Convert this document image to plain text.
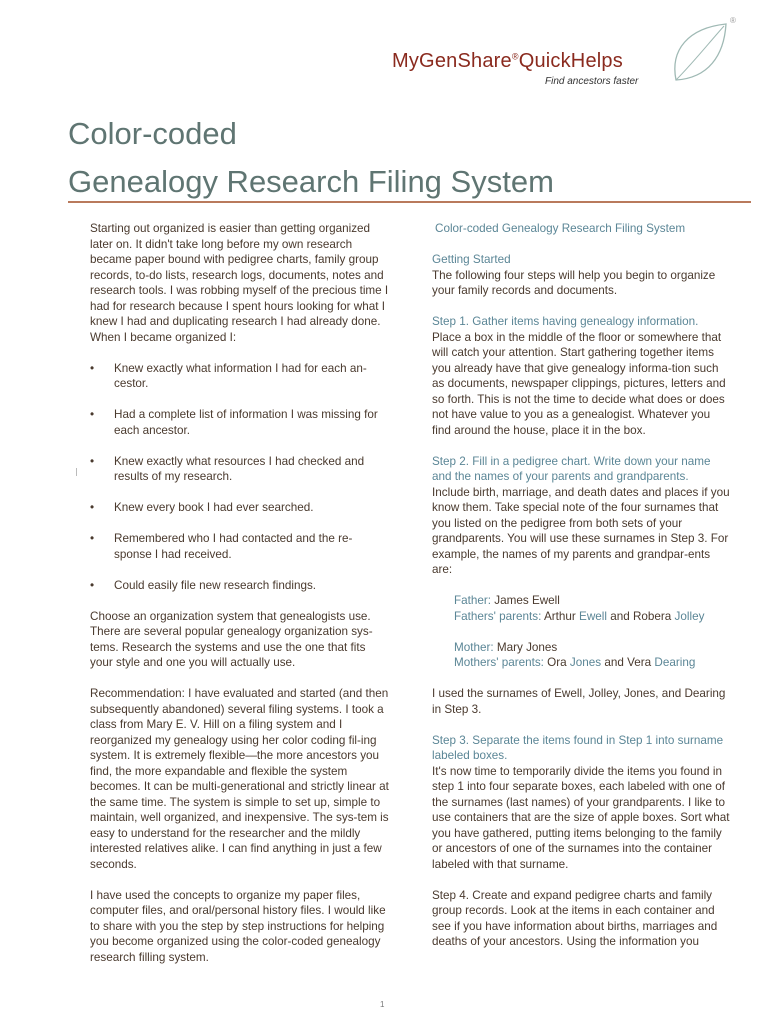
MyGenShare®QuickHelps
Find ancestors faster
®
Color-coded
Genealogy Research Filing System

Starting out organized is easier than getting organized later on. It didn't take long before my own research became paper bound with pedigree charts, family group records, to-do lists, research logs, documents, notes and research tools. I was robbing myself of the precious time I had for research because I spent hours looking for what I knew I had and duplicating research I had already done. When I became organized I:

• Knew exactly what information I had for each an-cestor.
• Had a complete list of information I was missing for each ancestor.
• Knew exactly what resources I had checked and results of my research.
• Knew every book I had ever searched.
• Remembered who I had contacted and the re-sponse I had received.
• Could easily file new research findings.

Choose an organization system that genealogists use. There are several popular genealogy organization sys-tems. Research the systems and use the one that fits your style and one you will actually use.

Recommendation: I have evaluated and started (and then subsequently abandoned) several filing systems. I took a class from Mary E. V. Hill on a filing system and I reorganized my genealogy using her color coding fil-ing system. It is extremely flexible—the more ancestors you find, the more expandable and flexible the system becomes. It can be multi-generational and strictly linear at the same time. The system is simple to set up, simple to maintain, well organized, and inexpensive. The sys-tem is easy to understand for the researcher and the mildly interested relatives alike. I can find anything in just a few seconds.

I have used the concepts to organize my paper files, computer files, and oral/personal history files. I would like to share with you the step by step instructions for helping you become organized using the color-coded genealogy research filling system.

Color-coded Genealogy Research Filing System

Getting Started

The following four steps will help you begin to organize your family records and documents.

Step 1. Gather items having genealogy information.

Place a box in the middle of the floor or somewhere that will catch your attention. Start gathering together items you already have that give genealogy informa-tion such as documents, newspaper clippings, pictures, letters and so forth. This is not the time to decide what does or does not have value to you as a genealogist. Whatever you find around the house, place it in the box.

Step 2. Fill in a pedigree chart. Write down your name and the names of your parents and grandparents.

Include birth, marriage, and death dates and places if you know them. Take special note of the four surnames that you listed on the pedigree from both sets of your grandparents. You will use these surnames in Step 3. For example, the names of my parents and grandpar-ents are:

Father: James Ewell

Fathers' parents: Arthur Ewell and Robera Jolley

Mother: Mary Jones

Mothers' parents: Ora Jones and Vera Dearing

I used the surnames of Ewell, Jolley, Jones, and Dearing in Step 3.

Step 3. Separate the items found in Step 1 into surname labeled boxes.

It's now time to temporarily divide the items you found in step 1 into four separate boxes, each labeled with one of the surnames (last names) of your grandparents. I like to use containers that are the size of apple boxes. Sort what you have gathered, putting items belonging to the family or ancestors of one of the surnames into the container labeled with that surname.

Step 4. Create and expand pedigree charts and family group records. Look at the items in each container and see if you have information about births, marriages and deaths of your ancestors. Using the information you

1
